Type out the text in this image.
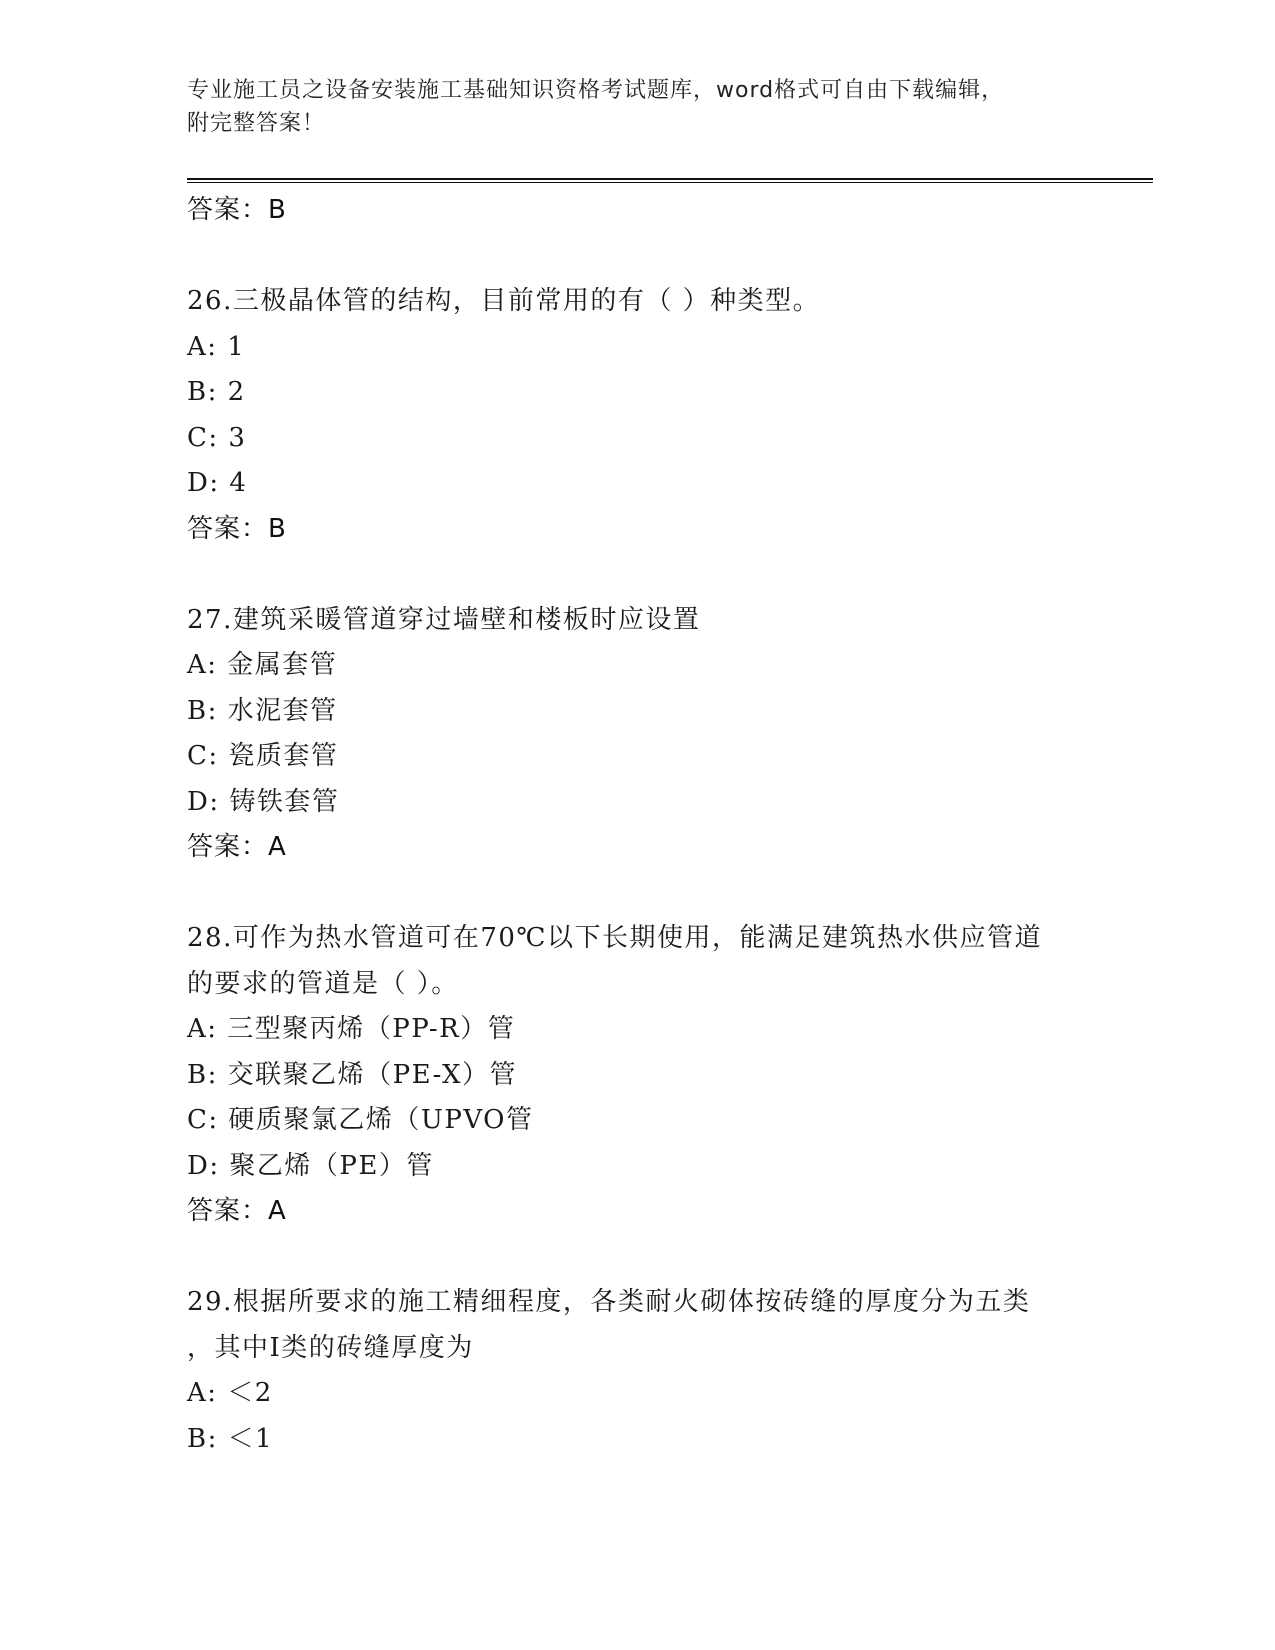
专业施工员之设备安装施工基础知识资格考试题库，word格式可自由下载编辑，
附完整答案！
答案：B
26.三极晶体管的结构，目前常用的有（ ）种类型。
A: 1
B: 2
C: 3
D: 4
答案：B
27.建筑采暖管道穿过墙壁和楼板时应设置
A: 金属套管
B: 水泥套管
C: 瓷质套管
D: 铸铁套管
答案：A
28.可作为热水管道可在70℃以下长期使用，能满足建筑热水供应管道
的要求的管道是（ ）。
A: 三型聚丙烯（PP-R）管
B: 交联聚乙烯（PE-X）管
C: 硬质聚氯乙烯（UPVO管
D: 聚乙烯（PE）管
答案：A
29.根据所要求的施工精细程度，各类耐火砌体按砖缝的厚度分为五类
，其中Ⅰ类的砖缝厚度为
A: ＜2
B: ＜1
